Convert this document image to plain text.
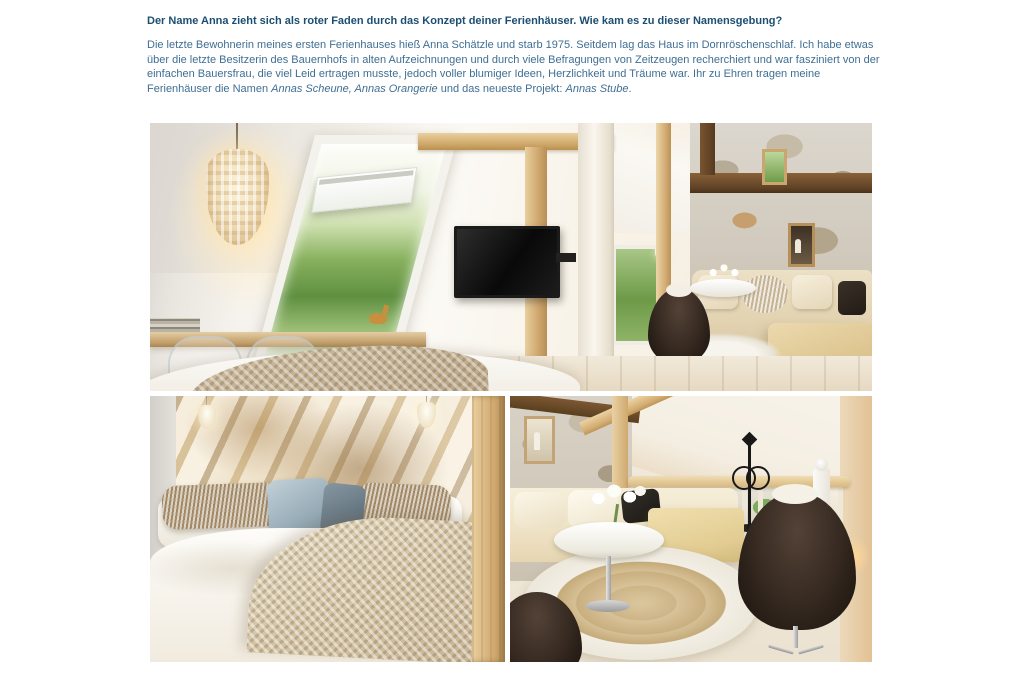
Der Name Anna zieht sich als roter Faden durch das Konzept deiner Ferienhäuser. Wie kam es zu dieser Namensgebung?

Die letzte Bewohnerin meines ersten Ferienhauses hieß Anna Schätzle und starb 1975. Seitdem lag das Haus im Dornröschenschlaf. Ich habe etwas über die letzte Besitzerin des Bauernhofs in alten Aufzeichnungen und durch viele Befragungen von Zeitzeugen recherchiert und war fasziniert von der einfachen Bauersfrau, die viel Leid ertragen musste, jedoch voller blumiger Ideen, Herzlichkeit und Träume war. Ihr zu Ehren tragen meine Ferienhäuser die Namen Annas Scheune, Annas Orangerie und das neueste Projekt: Annas Stube.
